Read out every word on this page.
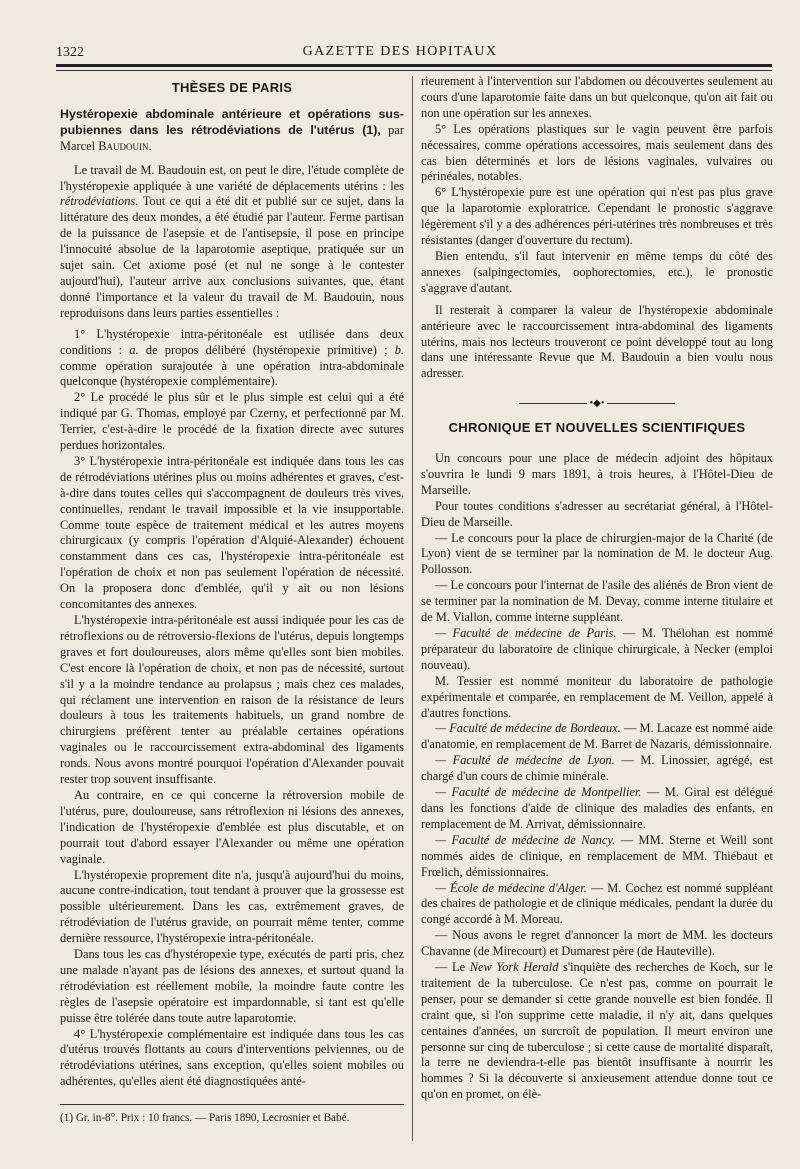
1322	GAZETTE DES HOPITAUX
THÈSES DE PARIS

Hystéropexie abdominale antérieure et opérations sus-pubiennes dans les rétrodéviations de l'utérus (1), par Marcel Baudouin.

Le travail de M. Baudouin est, on peut le dire, l'étude complète de l'hystéropexie appliquée à une variété de déplacements utérins : les rétrodéviations. Tout ce qui a été dit et publié sur ce sujet, dans la littérature des deux mondes, a été étudié par l'auteur. Ferme partisan de la puissance de l'asepsie et de l'antisepsie, il pose en principe l'innocuité absolue de la laparotomie aseptique, pratiquée sur un sujet sain. Cet axiome posé (et nul ne songe à le contester aujourd'hui), l'auteur arrive aux conclusions suivantes, que, étant donné l'importance et la valeur du travail de M. Baudouin, nous reproduisons dans leurs parties essentielles :

1° L'hystéropexie intra-péritonéale est utilisée dans deux conditions : a. de propos délibéré (hystéropexie primitive) ; b. comme opération surajoutée à une opération intra-abdominale quelconque (hystéropexie complémentaire).

2° Le procédé le plus sûr et le plus simple est celui qui a été indiqué par G. Thomas, employé par Czerny, et perfectionné par M. Terrier, c'est-à-dire le procédé de la fixation directe avec sutures perdues horizontales.

3° L'hystéropexie intra-péritonéale est indiquée dans tous les cas de rétrodéviations utérines plus ou moins adhérentes et graves, c'est-à-dire dans toutes celles qui s'accompagnent de douleurs très vives, continuelles, rendant le travail impossible et la vie insupportable. Comme toute espèce de traitement médical et les autres moyens chirurgicaux (y compris l'opération d'Alquié-Alexander) échouent constamment dans ces cas, l'hystéropexie intra-péritonéale est l'opération de choix et non pas seulement l'opération de nécessité. On la proposera donc d'emblée, qu'il y ait ou non lésions concomitantes des annexes.

L'hystéropexie intra-péritonéale est aussi indiquée pour les cas de rétroflexions ou de rétroversio-flexions de l'utérus, depuis longtemps graves et fort douloureuses, alors même qu'elles sont bien mobiles. C'est encore là l'opération de choix, et non pas de nécessité, surtout s'il y a la moindre tendance au prolapsus ; mais chez ces malades, qui réclament une intervention en raison de la résistance de leurs douleurs à tous les traitements habituels, un grand nombre de chirurgiens préfèrent tenter au préalable certaines opérations vaginales ou le raccourcissement extra-abdominal des ligaments ronds. Nous avons montré pourquoi l'opération d'Alexander pouvait rester trop souvent insuffisante.

Au contraire, en ce qui concerne la rétroversion mobile de l'utérus, pure, douloureuse, sans rétroflexion ni lésions des annexes, l'indication de l'hystéropexie d'emblée est plus discutable, et on pourrait tout d'abord essayer l'Alexander ou même une opération vaginale.

L'hystéropexie proprement dite n'a, jusqu'à aujourd'hui du moins, aucune contre-indication, tout tendant à prouver que la grossesse est possible ultérieurement. Dans les cas, extrêmement graves, de rétrodéviation de l'utérus gravide, on pourrait même tenter, comme dernière ressource, l'hystéropexie intra-péritonéale.

Dans tous les cas d'hystéropexie type, exécutés de parti pris, chez une malade n'ayant pas de lésions des annexes, et surtout quand la rétrodéviation est réellement mobile, la moindre faute contre les règles de l'asepsie opératoire est impardonnable, si tant est qu'elle puisse être tolérée dans toute autre laparotomie.

4° L'hystéropexie complémentaire est indiquée dans tous les cas d'utérus trouvés flottants au cours d'interventions pelviennes, ou de rétrodéviations utérines, sans exception, qu'elles soient mobiles ou adhérentes, qu'elles aient été diagnostiquées anté-

(1) Gr. in-8°. Prix : 10 francs. — Paris 1890, Lecrosnier et Babé.

rieurement à l'intervention sur l'abdomen ou découvertes seulement au cours d'une laparotomie faite dans un but quelconque, qu'on ait fait ou non une opération sur les annexes.

5° Les opérations plastiques sur le vagin peuvent être parfois nécessaires, comme opérations accessoires, mais seulement dans des cas bien déterminés et lors de lésions vaginales, vulvaires ou périnéales, notables.

6° L'hystéropexie pure est une opération qui n'est pas plus grave que la laparotomie exploratrice. Cependant le pronostic s'aggrave légèrement s'il y a des adhérences péri-utérines très nombreuses et très résistantes (danger d'ouverture du rectum).

Bien entendu, s'il faut intervenir en même temps du côté des annexes (salpingectomies, oophorectomies, etc.), le pronostic s'aggrave d'autant.

Il resterait à comparer la valeur de l'hystéropexie abdominale antérieure avec le raccourcissement intra-abdominal des ligaments utérins, mais nos lecteurs trouveront ce point développé tout au long dans une intéressante Revue que M. Baudouin a bien voulu nous adresser.

•◆•
CHRONIQUE ET NOUVELLES SCIENTIFIQUES

Un concours pour une place de médecin adjoint des hôpitaux s'ouvrira le lundi 9 mars 1891, à trois heures, à l'Hôtel-Dieu de Marseille.

Pour toutes conditions s'adresser au secrétariat général, à l'Hôtel-Dieu de Marseille.

— Le concours pour la place de chirurgien-major de la Charité (de Lyon) vient de se terminer par la nomination de M. le docteur Aug. Pollosson.

— Le concours pour l'internat de l'asile des aliénés de Bron vient de se terminer par la nomination de M. Devay, comme interne titulaire et de M. Viallon, comme interne suppléant.

— Faculté de médecine de Paris. — M. Thélohan est nommé préparateur du laboratoire de clinique chirurgicale, à Necker (emploi nouveau).

M. Tessier est nommé moniteur du laboratoire de pathologie expérimentale et comparée, en remplacement de M. Veillon, appelé à d'autres fonctions.

— Faculté de médecine de Bordeaux. — M. Lacaze est nommé aide d'anatomie, en remplacement de M. Barret de Nazaris, démissionnaire.

— Faculté de médecine de Lyon. — M. Linossier, agrégé, est chargé d'un cours de chimie minérale.

— Faculté de médecine de Montpellier. — M. Giral est délégué dans les fonctions d'aide de clinique des maladies des enfants, en remplacement de M. Arrivat, démissionnaire.

— Faculté de médecine de Nancy. — MM. Sterne et Weill sont nommés aides de clinique, en remplacement de MM. Thiébaut et Frœlich, démissionnaires.

— École de médecine d'Alger. — M. Cochez est nommé suppléant des chaires de pathologie et de clinique médicales, pendant la durée du congé accordé à M. Moreau.

— Nous avons le regret d'annoncer la mort de MM. les docteurs Chavanne (de Mirecourt) et Dumarest père (de Hauteville).

— Le New York Herald s'inquiète des recherches de Koch, sur le traitement de la tuberculose. Ce n'est pas, comme on pourrait le penser, pour se demander si cette grande nouvelle est bien fondée. Il craint que, si l'on supprime cette maladie, il n'y ait, dans quelques centaines d'années, un surcroît de population. Il meurt environ une personne sur cinq de tuberculose ; si cette cause de mortalité disparaît, la terre ne deviendra-t-elle pas bientôt insuffisante à nourrir les hommes ? Si la découverte si anxieusement attendue donne tout ce qu'on en promet, on élè-
